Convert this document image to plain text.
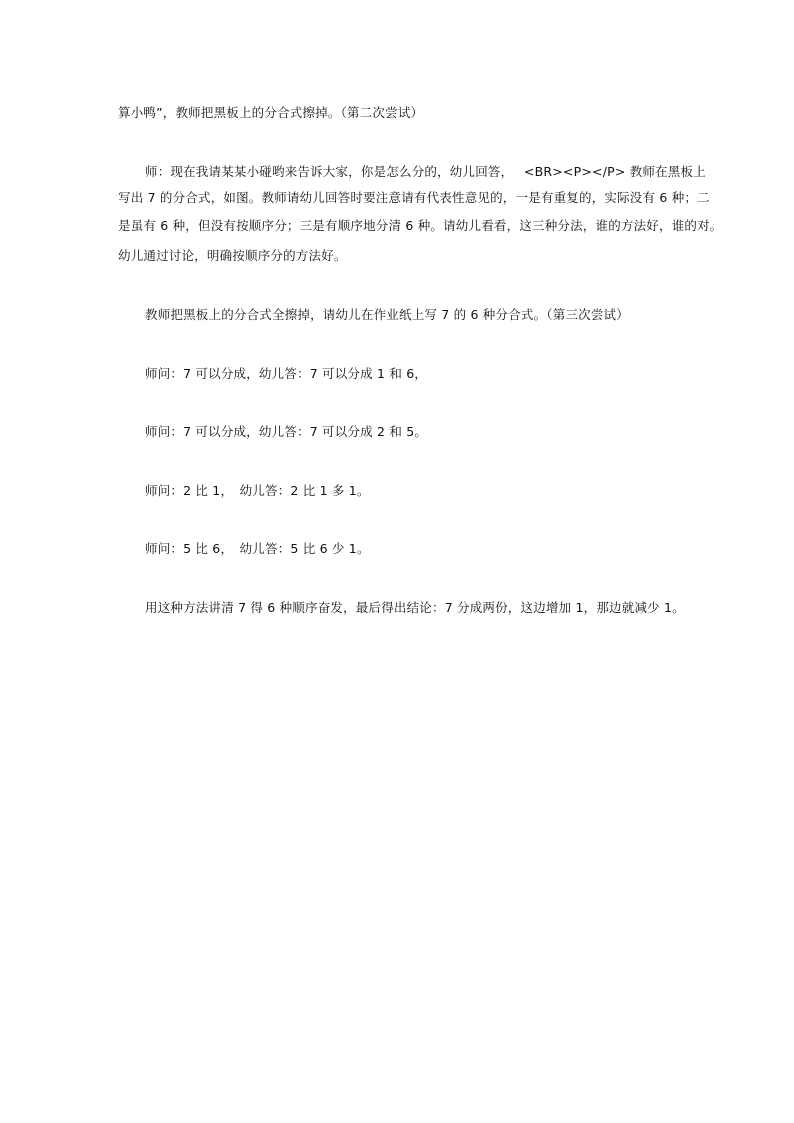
算小鸭”，教师把黑板上的分合式擦掉。（第二次尝试）
师：现在我请某某小碰哟来告诉大家，你是怎么分的，幼儿回答，　 <BR><P></P> 教师在黑板上
写出 7 的分合式，如图。教师请幼儿回答时要注意请有代表性意见的，一是有重复的，实际没有 6 种；二
是虽有 6 种，但没有按顺序分；三是有顺序地分清 6 种。请幼儿看看，这三种分法，谁的方法好，谁的对。
幼儿通过讨论，明确按顺序分的方法好。
教师把黑板上的分合式全擦掉，请幼儿在作业纸上写 7 的 6 种分合式。（第三次尝试）
师问：7 可以分成，幼儿答：7 可以分成 1 和 6，
师问：7 可以分成，幼儿答：7 可以分成 2 和 5。
师问：2 比 1，　幼儿答：2 比 1 多 1。
师问：5 比 6，　幼儿答：5 比 6 少 1。
用这种方法讲清 7 得 6 种顺序奋发，最后得出结论：7 分成两份，这边增加 1，那边就减少 1。
